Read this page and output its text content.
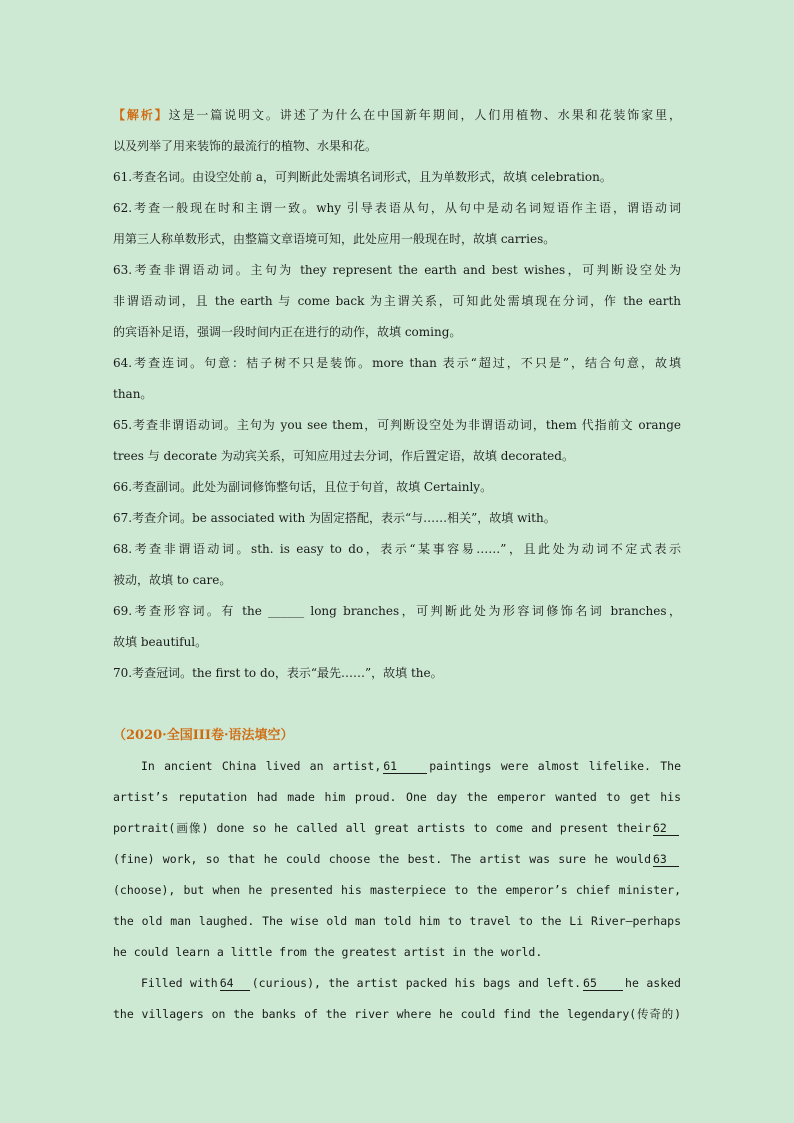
【解析】这是一篇说明文。讲述了为什么在中国新年期间，人们用植物、水果和花装饰家里，
以及列举了用来装饰的最流行的植物、水果和花。
61.考查名词。由设空处前 a，可判断此处需填名词形式，且为单数形式，故填 celebration。
62.考查一般现在时和主谓一致。why 引导表语从句，从句中是动名词短语作主语，谓语动词
用第三人称单数形式，由整篇文章语境可知，此处应用一般现在时，故填 carries。
63.考查非谓语动词。主句为 they represent the earth and best wishes，可判断设空处为
非谓语动词，且 the earth 与 come back 为主谓关系，可知此处需填现在分词，作 the earth
的宾语补足语，强调一段时间内正在进行的动作，故填 coming。
64.考查连词。句意：桔子树不只是装饰。more than 表示“超过，不只是”，结合句意，故填
than。
65.考查非谓语动词。主句为 you see them，可判断设空处为非谓语动词，them 代指前文 orange
trees 与 decorate 为动宾关系，可知应用过去分词，作后置定语，故填 decorated。
66.考查副词。此处为副词修饰整句话，且位于句首，故填 Certainly。
67.考查介词。be associated with 为固定搭配，表示“与……相关”，故填 with。
68.考查非谓语动词。sth. is easy to do，表示“某事容易……”，且此处为动词不定式表示
被动，故填 to care。
69.考查形容词。有 the ______ long branches，可判断此处为形容词修饰名词 branches，
故填 beautiful。
70.考查冠词。the first to do，表示“最先……”，故填 the。
（2020·全国III卷·语法填空）
In ancient China lived an artist, 61	paintings were almost lifelike. The
artist’s reputation had made him proud. One day the emperor wanted to get his
portrait(画像) done so he called all great artists to come and present their 62
(fine) work, so that he could choose the best. The artist was sure he would 63
(choose), but when he presented his masterpiece to the emperor’s chief minister,
the old man laughed. The wise old man told him to travel to the Li River—perhaps
he could learn a little from the greatest artist in the world.
Filled with 64 (curious), the artist packed his bags and left. 65 he asked
the villagers on the banks of the river where he could find the legendary(传奇的)
